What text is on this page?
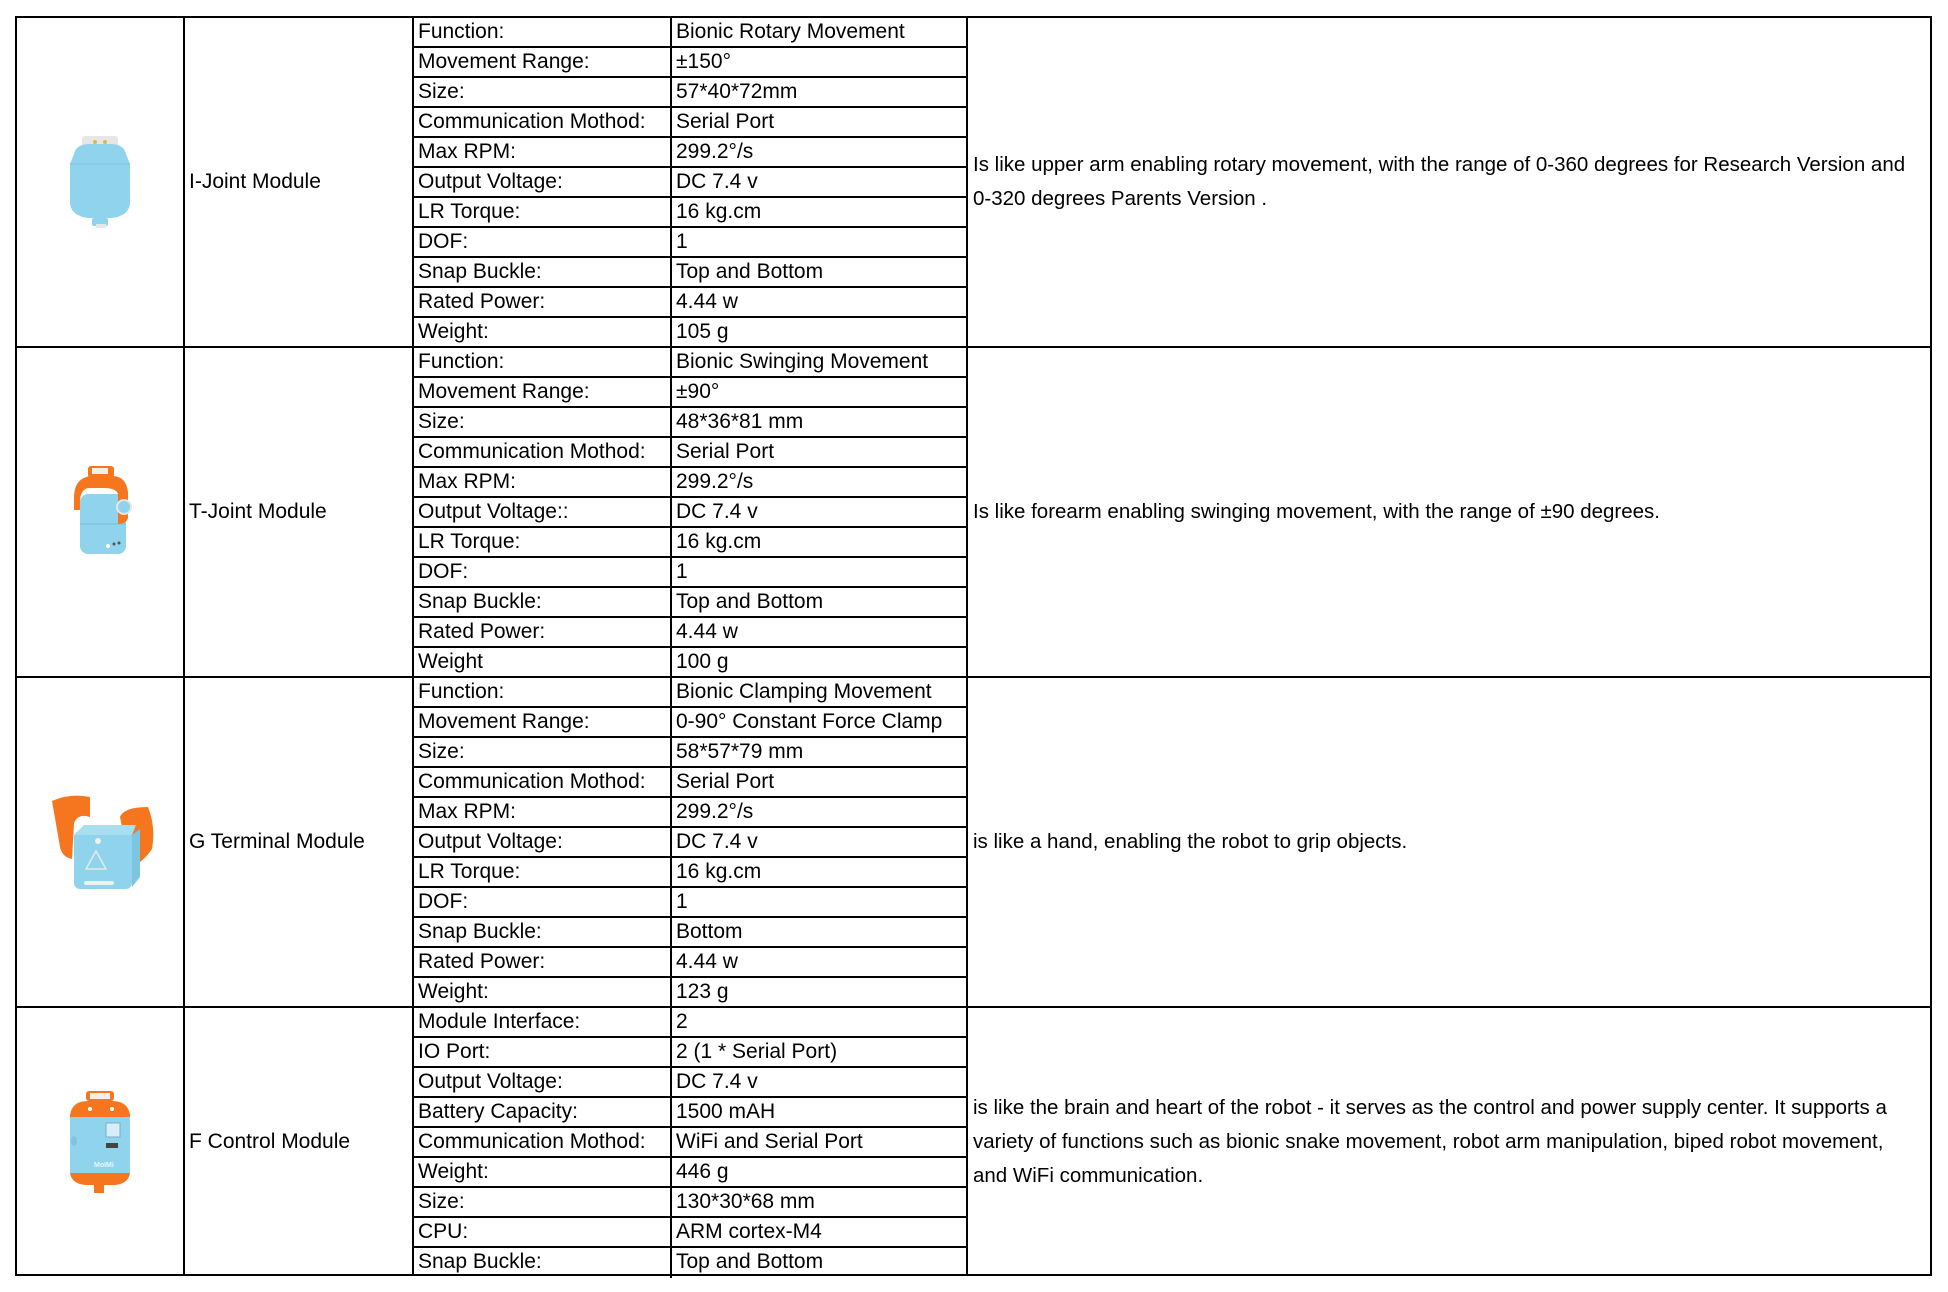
I-Joint Module
Function:	Bionic Rotary Movement
Movement Range:	±150°
Size:	57*40*72mm
Communication Mothod: Serial Port
Max RPM:	299.2°/s
Output Voltage:	DC 7.4 v
LR Torque:	16 kg.cm
DOF:	1
Snap Buckle:	Top and Bottom
Rated Power:	4.44 w
Weight:	105 g
Is like upper arm enabling rotary movement, with the range of 0-360 degrees for Research Version and 0-320 degrees Parents Version .
T-Joint Module
Function:	Bionic Swinging Movement
Movement Range:	±90°
Size:	48*36*81 mm
Communication Mothod: Serial Port
Max RPM:	299.2°/s
Output Voltage::	DC 7.4 v
LR Torque:	16 kg.cm
DOF:	1
Snap Buckle:	Top and Bottom
Rated Power:	4.44 w
Weight	100 g
Is like forearm enabling swinging movement, with the range of ±90 degrees.
G Terminal Module
Function:	Bionic Clamping Movement
Movement Range:	0-90° Constant Force Clamp
Size:	58*57*79 mm
Communication Mothod: Serial Port
Max RPM:	299.2°/s
Output Voltage:	DC 7.4 v
LR Torque:	16 kg.cm
DOF:	1
Snap Buckle:	Bottom
Rated Power:	4.44 w
Weight:	123 g
is like a hand, enabling the robot to grip objects.
MoIMi
F Control Module
Module Interface:	2
IO Port:	2 (1 * Serial Port)
Output Voltage:	DC 7.4 v
Battery Capacity:	1500 mAH
Communication Mothod: WiFi and Serial Port
Weight:	446 g
Size:	130*30*68 mm
CPU:	ARM cortex-M4
Snap Buckle:	Top and Bottom
is like the brain and heart of the robot - it serves as the control and power supply center. It supports a variety of functions such as bionic snake movement, robot arm manipulation, biped robot movement, and WiFi communication.
